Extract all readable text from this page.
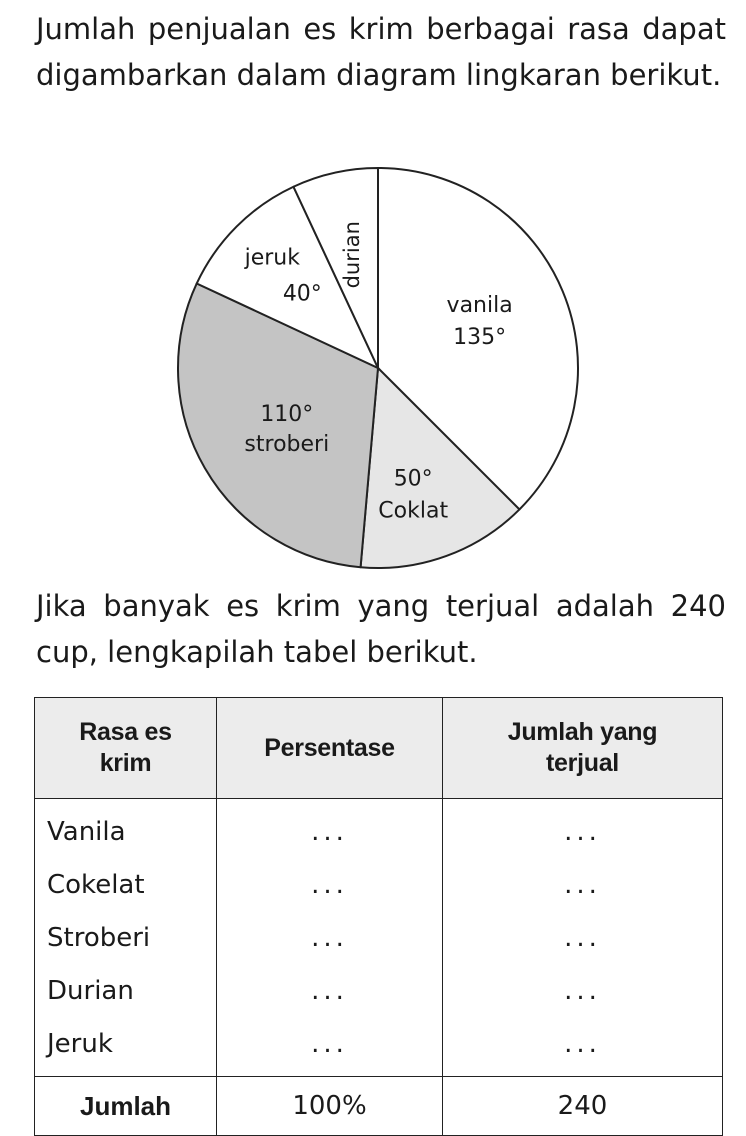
Jumlah penjualan es krim berbagai rasa dapat digambarkan dalam diagram lingkaran berikut.

vanila
135°
Coklat
50°
stroberi
110°
jeruk
40°
durian

Jika banyak es krim yang terjual adalah 240 cup, lengkapilah tabel berikut.

Rasa es krim	Persentase	Jumlah yang terjual
Vanila	...	...
Cokelat	...	...
Stroberi	...	...
Durian	...	...
Jeruk	...	...
Jumlah	100%	240
